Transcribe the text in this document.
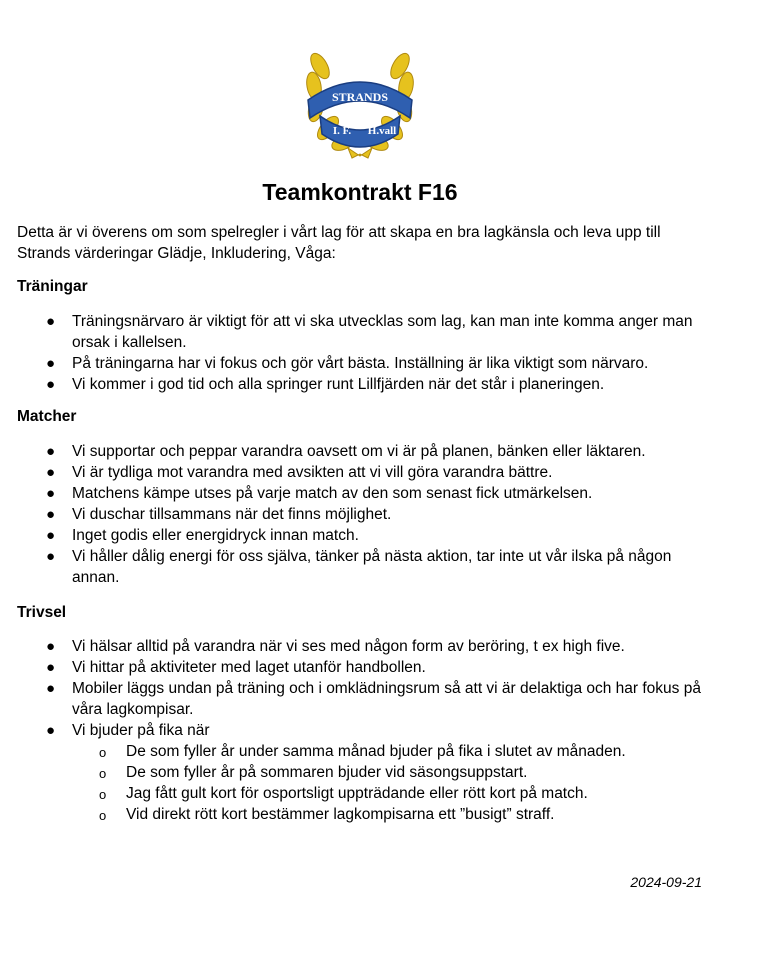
STRANDS
I. F. H.vall
Teamkontrakt F16
Detta är vi överens om som spelregler i vårt lag för att skapa en bra lagkänsla och leva upp till Strands värderingar Glädje, Inkludering, Våga:
Träningar
● Träningsnärvaro är viktigt för att vi ska utvecklas som lag, kan man inte komma anger man orsak i kallelsen.
● På träningarna har vi fokus och gör vårt bästa. Inställning är lika viktigt som närvaro.
● Vi kommer i god tid och alla springer runt Lillfjärden när det står i planeringen.
Matcher
● Vi supportar och peppar varandra oavsett om vi är på planen, bänken eller läktaren.
● Vi är tydliga mot varandra med avsikten att vi vill göra varandra bättre.
● Matchens kämpe utses på varje match av den som senast fick utmärkelsen.
● Vi duschar tillsammans när det finns möjlighet.
● Inget godis eller energidryck innan match.
● Vi håller dålig energi för oss själva, tänker på nästa aktion, tar inte ut vår ilska på någon annan.
Trivsel
● Vi hälsar alltid på varandra när vi ses med någon form av beröring, t ex high five.
● Vi hittar på aktiviteter med laget utanför handbollen.
● Mobiler läggs undan på träning och i omklädningsrum så att vi är delaktiga och har fokus på våra lagkompisar.
● Vi bjuder på fika när
o De som fyller år under samma månad bjuder på fika i slutet av månaden.
o De som fyller år på sommaren bjuder vid säsongsuppstart.
o Jag fått gult kort för osportsligt uppträdande eller rött kort på match.
o Vid direkt rött kort bestämmer lagkompisarna ett ”busigt” straff.
2024-09-21
